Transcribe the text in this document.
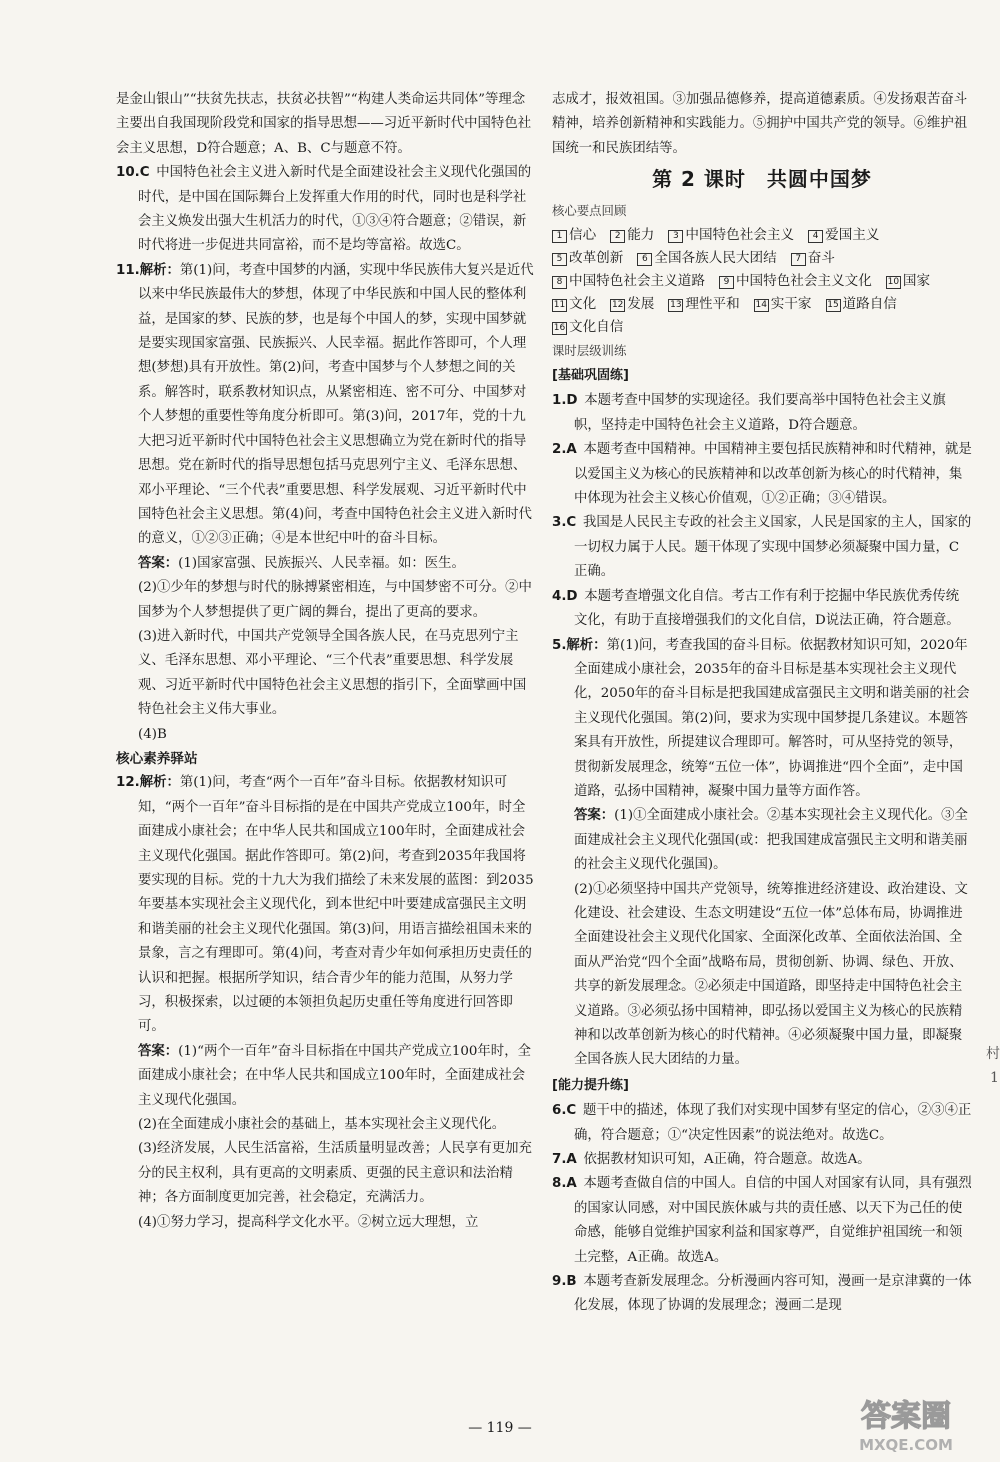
是金山银山”“扶贫先扶志，扶贫必扶智”“构建人类命运共同体”等理念主要出自我国现阶段党和国家的指导思想——习近平新时代中国特色社会主义思想，D符合题意；A、B、C与题意不符。

10.C  中国特色社会主义进入新时代是全面建设社会主义现代化强国的时代，是中国在国际舞台上发挥重大作用的时代，同时也是科学社会主义焕发出强大生机活力的时代，①③④符合题意；②错误，新时代将进一步促进共同富裕，而不是均等富裕。故选C。

11.解析：第(1)问，考查中国梦的内涵，实现中华民族伟大复兴是近代以来中华民族最伟大的梦想，体现了中华民族和中国人民的整体利益，是国家的梦、民族的梦，也是每个中国人的梦，实现中国梦就是要实现国家富强、民族振兴、人民幸福。据此作答即可，个人理想(梦想)具有开放性。第(2)问，考查中国梦与个人梦想之间的关系。解答时，联系教材知识点，从紧密相连、密不可分、中国梦对个人梦想的重要性等角度分析即可。第(3)问，2017年，党的十九大把习近平新时代中国特色社会主义思想确立为党在新时代的指导思想。党在新时代的指导思想包括马克思列宁主义、毛泽东思想、邓小平理论、“三个代表”重要思想、科学发展观、习近平新时代中国特色社会主义思想。第(4)问，考查中国特色社会主义进入新时代的意义，①②③正确；④是本世纪中叶的奋斗目标。

答案：(1)国家富强、民族振兴、人民幸福。如：医生。

(2)①少年的梦想与时代的脉搏紧密相连，与中国梦密不可分。②中国梦为个人梦想提供了更广阔的舞台，提出了更高的要求。

(3)进入新时代，中国共产党领导全国各族人民，在马克思列宁主义、毛泽东思想、邓小平理论、“三个代表”重要思想、科学发展观、习近平新时代中国特色社会主义思想的指引下，全面擘画中国特色社会主义伟大事业。

(4)B

核心素养驿站

12.解析：第(1)问，考查“两个一百年”奋斗目标。依据教材知识可知，“两个一百年”奋斗目标指的是在中国共产党成立100年，时全面建成小康社会；在中华人民共和国成立100年时，全面建成社会主义现代化强国。据此作答即可。第(2)问，考查到2035年我国将要实现的目标。党的十九大为我们描绘了未来发展的蓝图：到2035年要基本实现社会主义现代化，到本世纪中叶要建成富强民主文明和谐美丽的社会主义现代化强国。第(3)问，用语言描绘祖国未来的景象，言之有理即可。第(4)问，考查对青少年如何承担历史责任的认识和把握。根据所学知识，结合青少年的能力范围，从努力学习，积极探索，以过硬的本领担负起历史重任等角度进行回答即可。

答案：(1)“两个一百年”奋斗目标指在中国共产党成立100年时，全面建成小康社会；在中华人民共和国成立100年时，全面建成社会主义现代化强国。

(2)在全面建成小康社会的基础上，基本实现社会主义现代化。

(3)经济发展，人民生活富裕，生活质量明显改善；人民享有更加充分的民主权利，具有更高的文明素质、更强的民主意识和法治精神；各方面制度更加完善，社会稳定，充满活力。

(4)①努力学习，提高科学文化水平。②树立远大理想，立

志成才，报效祖国。③加强品德修养，提高道德素质。④发扬艰苦奋斗精神，培养创新精神和实践能力。⑤拥护中国共产党的领导。⑥维护祖国统一和民族团结等。

第 2 课时　共圆中国梦

核心要点回顾

1 信心	2 能力	3 中国特色社会主义	4 爱国主义
5 改革创新	6 全国各族人民大团结	7 奋斗
8 中国特色社会主义道路	9 中国特色社会主义文化 10 国家
11 文化 12 发展 13 理性平和 14 实干家 15 道路自信
16 文化自信

课时层级训练

[基础巩固练]

1.D  本题考查中国梦的实现途径。我们要高举中国特色社会主义旗帜，坚持走中国特色社会主义道路，D符合题意。

2.A  本题考查中国精神。中国精神主要包括民族精神和时代精神，就是以爱国主义为核心的民族精神和以改革创新为核心的时代精神，集中体现为社会主义核心价值观，①②正确；③④错误。

3.C  我国是人民民主专政的社会主义国家，人民是国家的主人，国家的一切权力属于人民。题干体现了实现中国梦必须凝聚中国力量，C正确。

4.D  本题考查增强文化自信。考古工作有利于挖掘中华民族优秀传统文化，有助于直接增强我们的文化自信，D说法正确，符合题意。

5.解析：第(1)问，考查我国的奋斗目标。依据教材知识可知，2020年全面建成小康社会，2035年的奋斗目标是基本实现社会主义现代化，2050年的奋斗目标是把我国建成富强民主文明和谐美丽的社会主义现代化强国。第(2)问，要求为实现中国梦提几条建议。本题答案具有开放性，所提建议合理即可。解答时，可从坚持党的领导，贯彻新发展理念，统筹“五位一体”，协调推进“四个全面”，走中国道路，弘扬中国精神，凝聚中国力量等方面作答。

答案：(1)①全面建成小康社会。②基本实现社会主义现代化。③全面建成社会主义现代化强国(或：把我国建成富强民主文明和谐美丽的社会主义现代化强国)。

(2)①必须坚持中国共产党领导，统筹推进经济建设、政治建设、文化建设、社会建设、生态文明建设“五位一体”总体布局，协调推进全面建设社会主义现代化国家、全面深化改革、全面依法治国、全面从严治党“四个全面”战略布局，贯彻创新、协调、绿色、开放、共享的新发展理念。②必须走中国道路，即坚持走中国特色社会主义道路。③必须弘扬中国精神，即弘扬以爱国主义为核心的民族精神和以改革创新为核心的时代精神。④必须凝聚中国力量，即凝聚全国各族人民大团结的力量。

[能力提升练]

6.C  题干中的描述，体现了我们对实现中国梦有坚定的信心，②③④正确，符合题意；①“决定性因素”的说法绝对。故选C。

7.A  依据教材知识可知，A正确，符合题意。故选A。

8.A  本题考查做自信的中国人。自信的中国人对国家有认同，具有强烈的国家认同感，对中国民族休戚与共的责任感、以天下为己任的使命感，能够自觉维护国家利益和国家尊严，自觉维护祖国统一和领土完整，A正确。故选A。

9.B  本题考查新发展理念。分析漫画内容可知，漫画一是京津冀的一体化发展，体现了协调的发展理念；漫画二是现

— 119 —
村
1
答案圈
MXQE.COM
